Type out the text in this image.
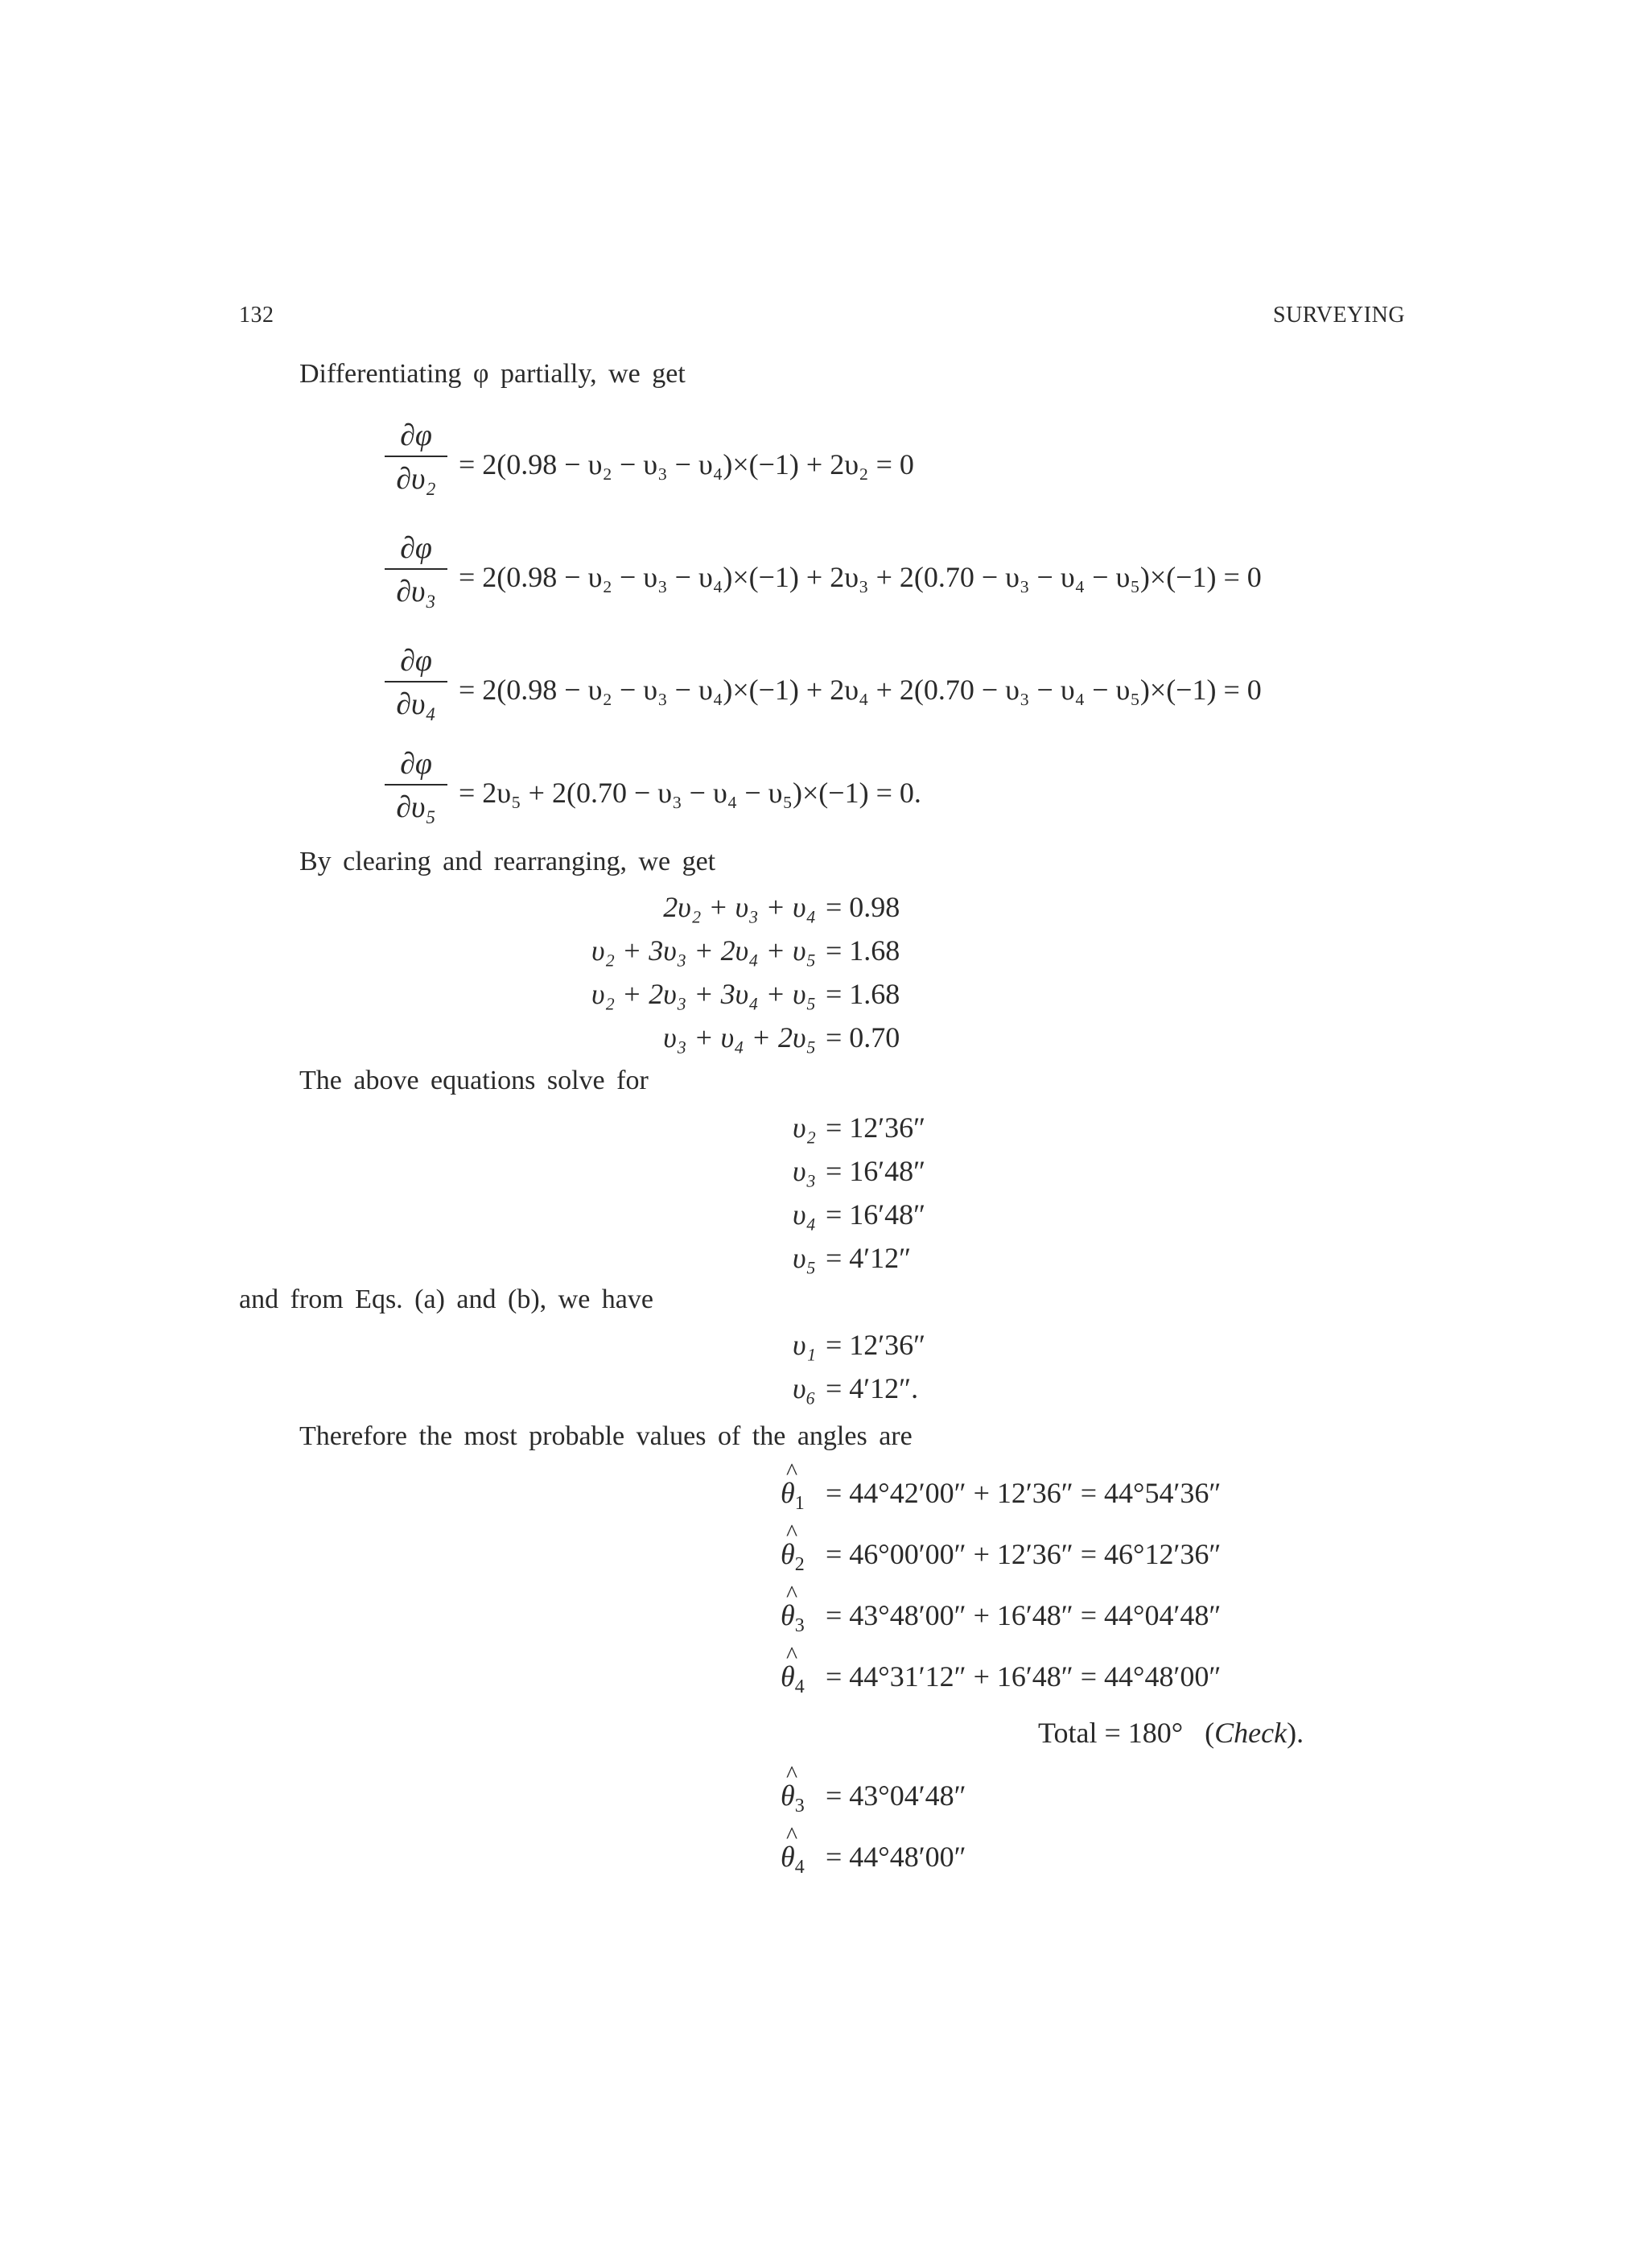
132	SURVEYING
Differentiating φ partially, we get
∂φ
∂υ₂ = 2(0.98 − υ₂ − υ₃ − υ₄)×(−1) + 2υ₂ = 0
∂φ
∂υ₃ = 2(0.98 − υ₂ − υ₃ − υ₄)×(−1) + 2υ₃ + 2(0.70 − υ₃ − υ₄ − υ₅)×(−1) = 0
∂φ
∂υ₄ = 2(0.98 − υ₂ − υ₃ − υ₄)×(−1) + 2υ₄ + 2(0.70 − υ₃ − υ₄ − υ₅)×(−1) = 0
∂φ
∂υ₅ = 2υ₅ + 2(0.70 − υ₃ − υ₄ − υ₅)×(−1) = 0.
By clearing and rearranging, we get
2υ₂ + υ₃ + υ₄ = 0.98
υ₂ + 3υ₃ + 2υ₄ + υ₅ = 1.68
υ₂ + 2υ₃ + 3υ₄ + υ₅ = 1.68
υ₃ + υ₄ + 2υ₅ = 0.70
The above equations solve for
υ₂ = 12′36″
υ₃ = 16′48″
υ₄ = 16′48″
υ₅ = 4′12″
and from Eqs. (a) and (b), we have
υ₁ = 12′36″
υ₆ = 4′12″.
Therefore the most probable values of the angles are
^ $\theta_1 = 44^\circ 42'00'' + 12'36'' = 44^\circ 54'36''$
^ $\theta_2 = 46^\circ 00'00'' + 12'36'' = 46^\circ 12'36''$
^ $\theta_3 = 43^\circ 48'00'' + 16'48'' = 44^\circ 04'48''$
^ $\theta_4 = 44^\circ 31'12'' + 16'48'' = 44^\circ 48'00''$
Total = 180°   (Check).
^ $\theta_3 = 43^\circ 04'48''$
^ $\theta_4 = 44^\circ 48'00''$
